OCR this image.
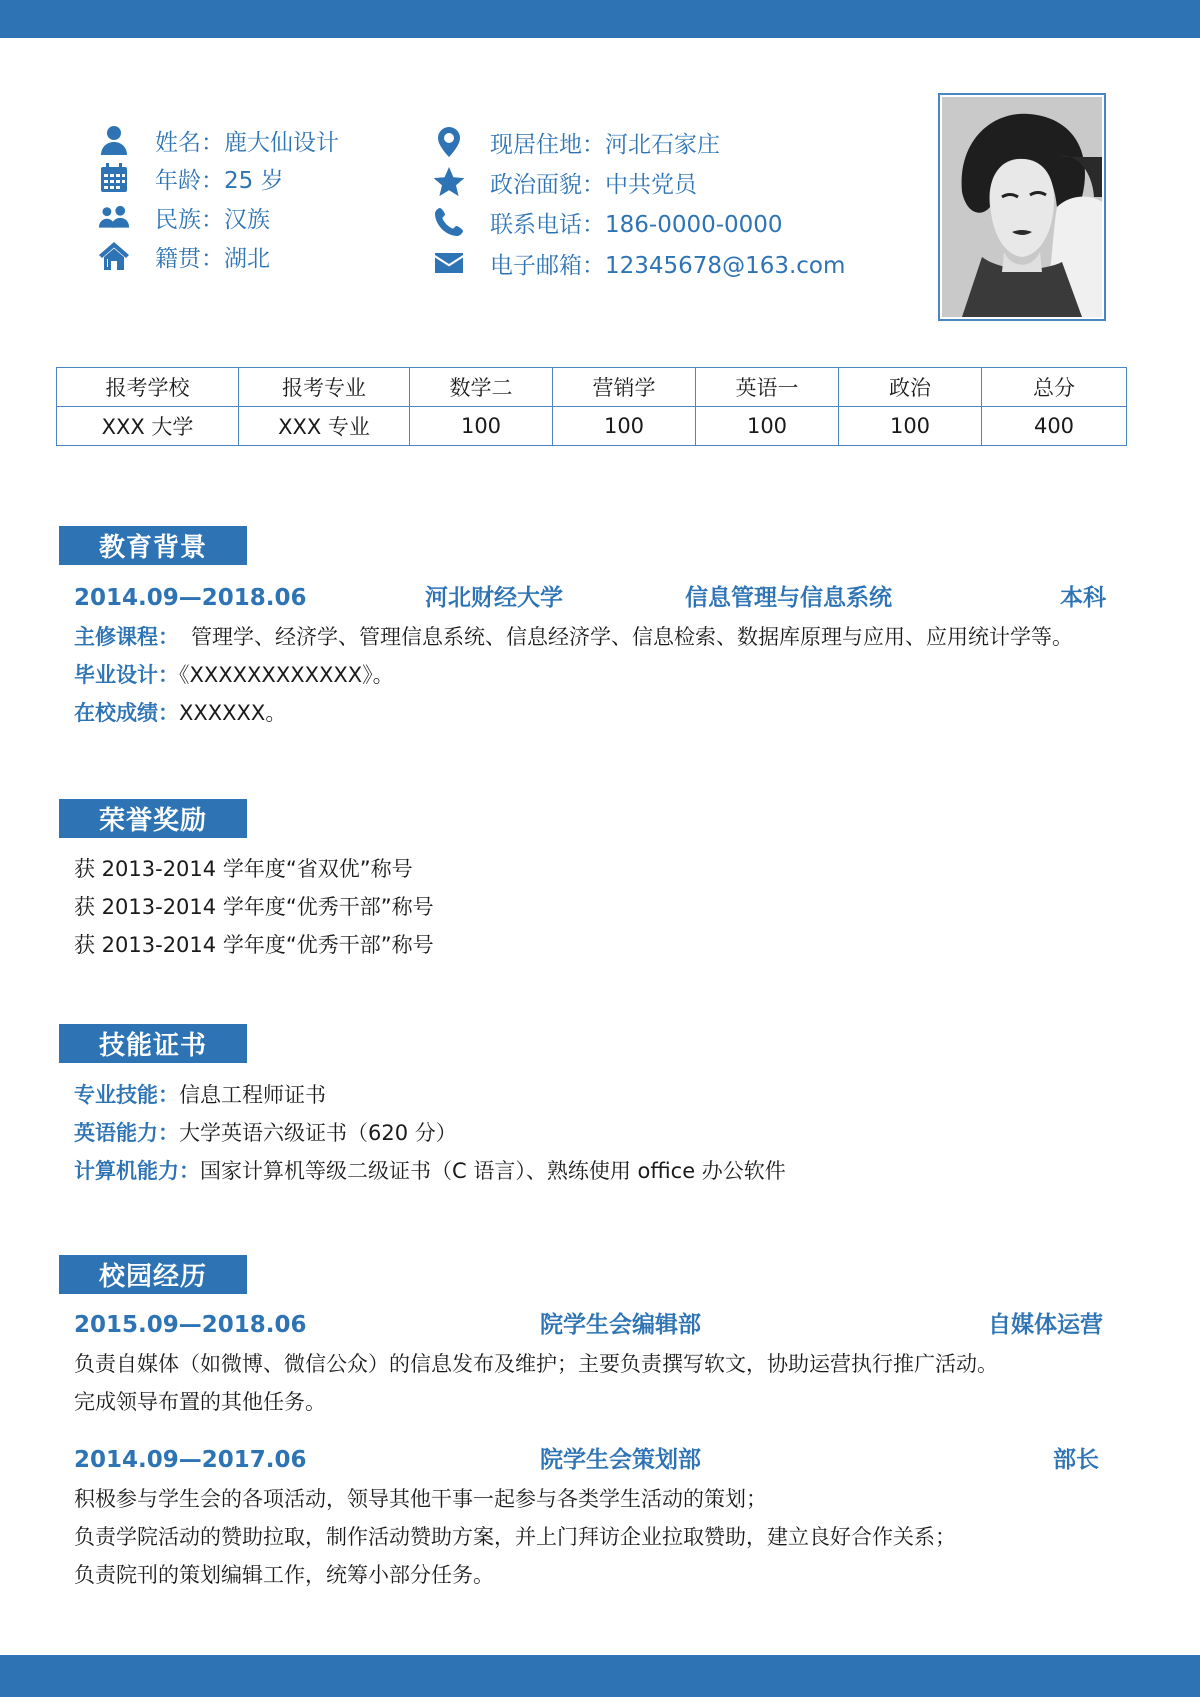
姓名：鹿大仙设计
年龄：25 岁
民族：汉族
籍贯：湖北
现居住地：河北石家庄
政治面貌：中共党员
联系电话：186-0000-0000
电子邮箱：12345678@163.com
报考学校	报考专业	数学二	营销学	英语一	政治	总分
XXX 大学	XXX 专业	100	100	100	100	400
教育背景
2014.09—2018.06	河北财经大学	信息管理与信息系统	本科
主修课程： 管理学、经济学、管理信息系统、信息经济学、信息检索、数据库原理与应用、应用统计学等。
毕业设计：《XXXXXXXXXXXX》。
在校成绩：XXXXXX。
荣誉奖励
获 2013-2014 学年度“省双优”称号
获 2013-2014 学年度“优秀干部”称号
获 2013-2014 学年度“优秀干部”称号
技能证书
专业技能：信息工程师证书
英语能力：大学英语六级证书（620 分）
计算机能力：国家计算机等级二级证书（C 语言）、熟练使用 office 办公软件
校园经历
2015.09—2018.06	院学生会编辑部	自媒体运营
负责自媒体（如微博、微信公众）的信息发布及维护；主要负责撰写软文，协助运营执行推广活动。
完成领导布置的其他任务。
2014.09—2017.06	院学生会策划部	部长
积极参与学生会的各项活动，领导其他干事一起参与各类学生活动的策划；
负责学院活动的赞助拉取，制作活动赞助方案，并上门拜访企业拉取赞助，建立良好合作关系；
负责院刊的策划编辑工作，统筹小部分任务。
